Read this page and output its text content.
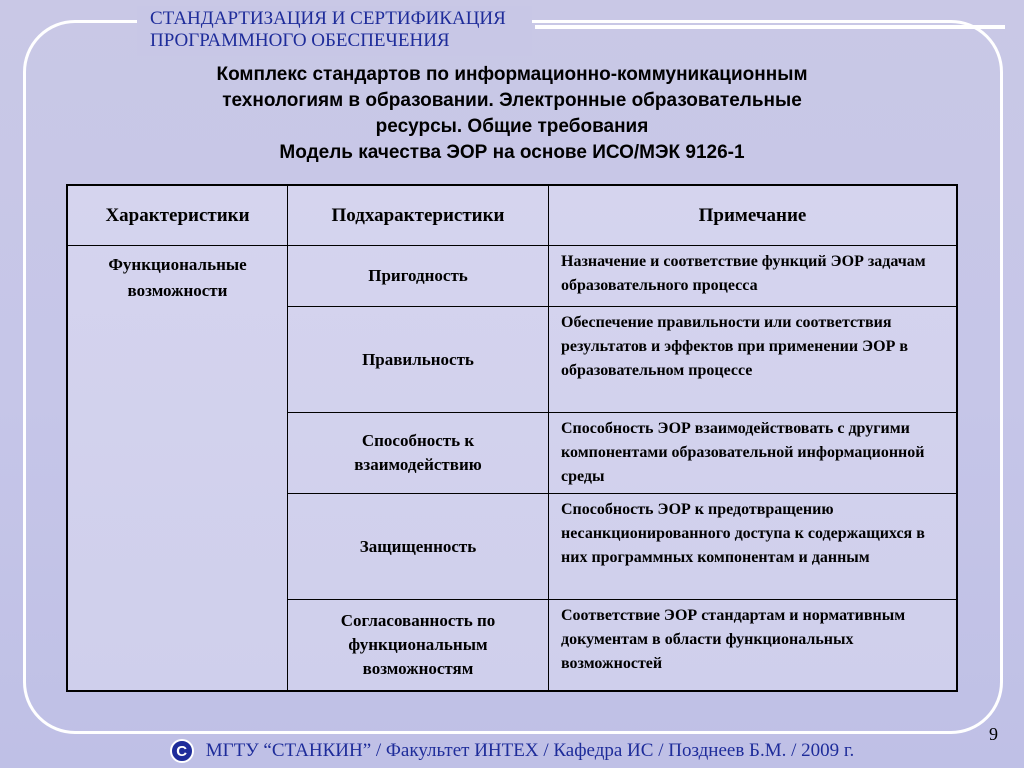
СТАНДАРТИЗАЦИЯ И СЕРТИФИКАЦИЯ
ПРОГРАММНОГО ОБЕСПЕЧЕНИЯ
Комплекс стандартов по информационно-коммуникационным
технологиям в образовании. Электронные образовательные
ресурсы. Общие требования
Модель качества ЭОР на основе ИСО/МЭК 9126-1
Характеристики	Подхарактеристики	Примечание
Функциональные возможности
Пригодность
Назначение и соответствие функций ЭОР задачам образовательного процесса
Правильность
Обеспечение правильности или соответствия результатов и эффектов при применении ЭОР в образовательном процессе
Способность к взаимодействию
Способность ЭОР взаимодействовать с другими компонентами образовательной информационной среды
Защищенность
Способность ЭОР к предотвращению несанкционированного доступа к содержащихся в них программных компонентам и данным
Согласованность по функциональным возможностям
Соответствие ЭОР стандартам и нормативным документам в области функциональных возможностей
C МГТУ “СТАНКИН” / Факультет ИНТЕХ / Кафедра ИС / Позднеев Б.М. / 2009 г.
9
